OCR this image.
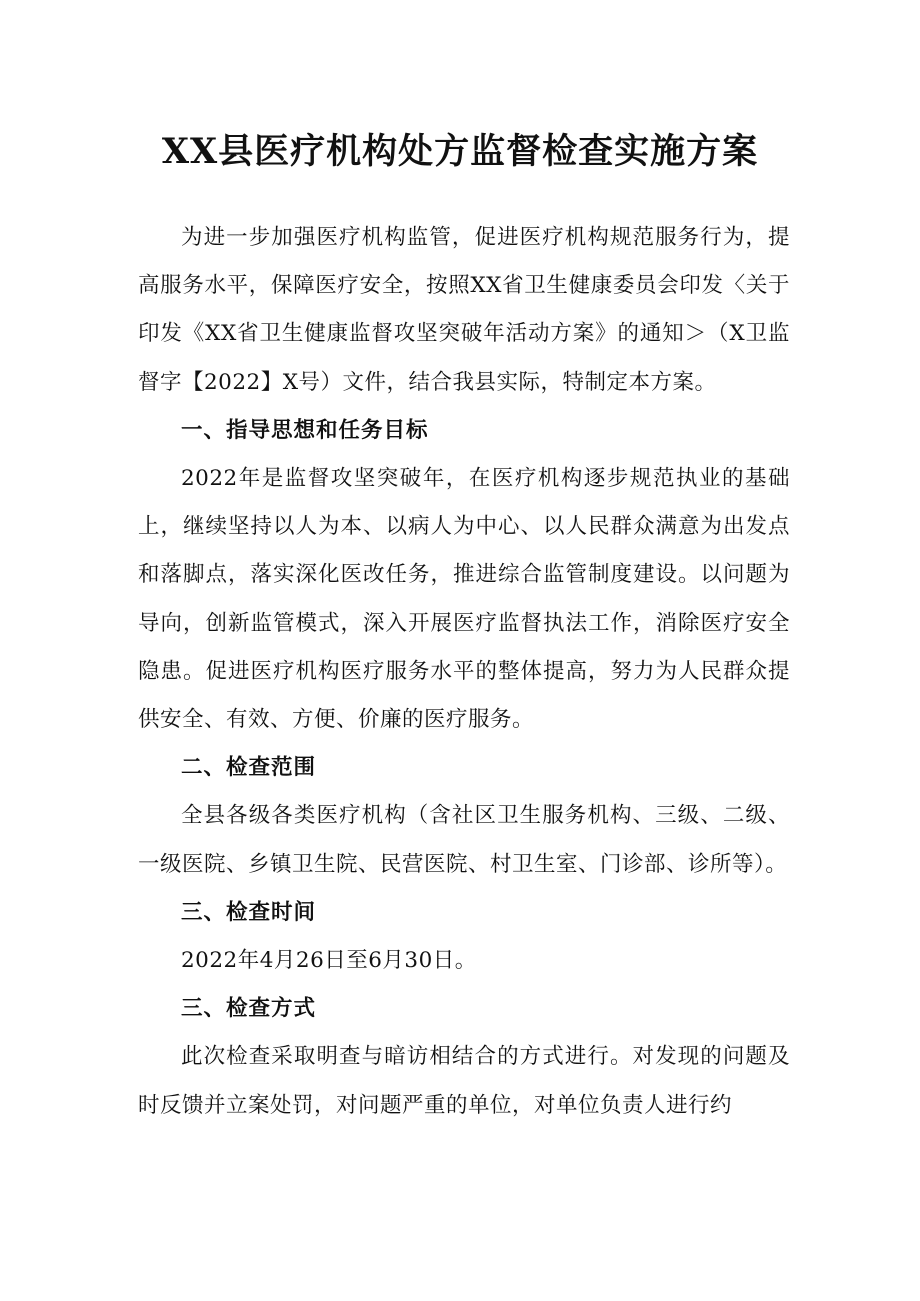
XX县医疗机构处方监督检查实施方案

为进一步加强医疗机构监管，促进医疗机构规范服务行为，提高服务水平，保障医疗安全，按照XX省卫生健康委员会印发〈关于印发《XX省卫生健康监督攻坚突破年活动方案》的通知＞（X卫监督字【2022】X号）文件，结合我县实际，特制定本方案。

一、指导思想和任务目标

2022年是监督攻坚突破年，在医疗机构逐步规范执业的基础上，继续坚持以人为本、以病人为中心、以人民群众满意为出发点和落脚点，落实深化医改任务，推进综合监管制度建设。以问题为导向，创新监管模式，深入开展医疗监督执法工作，消除医疗安全隐患。促进医疗机构医疗服务水平的整体提高，努力为人民群众提供安全、有效、方便、价廉的医疗服务。

二、检查范围

全县各级各类医疗机构（含社区卫生服务机构、三级、二级、一级医院、乡镇卫生院、民营医院、村卫生室、门诊部、诊所等）。

三、检查时间

2022年4月26日至6月30日。

三、检查方式

此次检查采取明查与暗访相结合的方式进行。对发现的问题及时反馈并立案处罚，对问题严重的单位，对单位负责人进行约
